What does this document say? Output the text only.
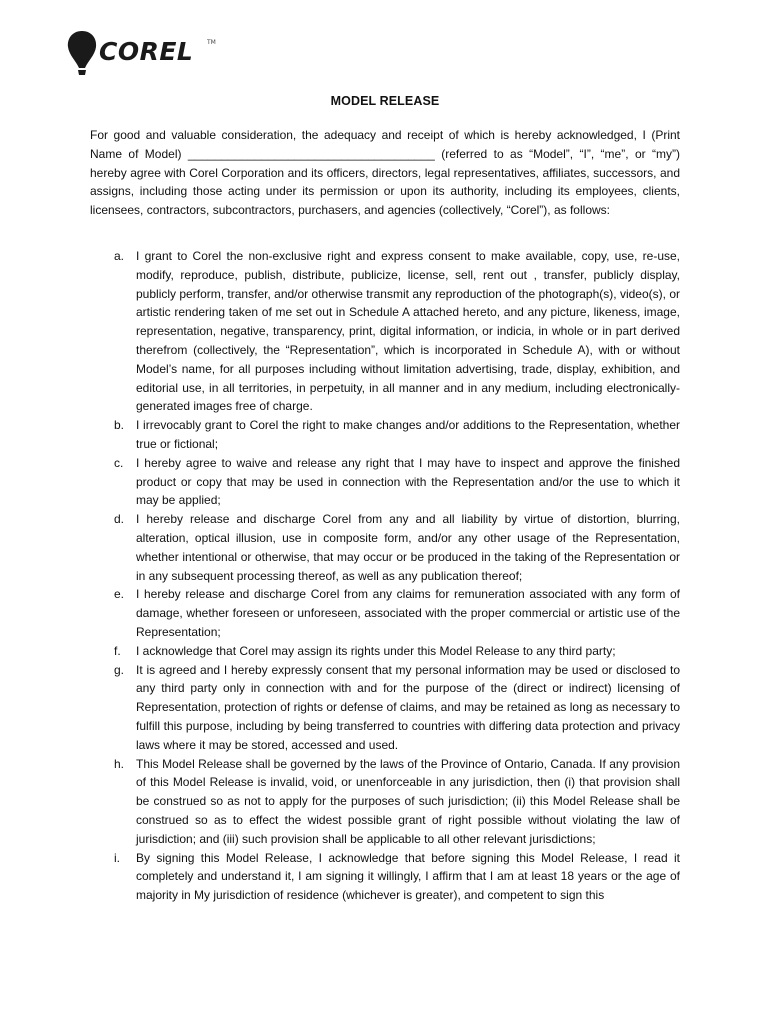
COREL TM
MODEL RELEASE
For good and valuable consideration, the adequacy and receipt of which is hereby acknowledged, I (Print Name of Model) _____________________________________ (referred to as “Model”, “I”, “me”, or “my”) hereby agree with Corel Corporation and its officers, directors, legal representatives, affiliates, successors, and assigns, including those acting under its permission or upon its authority, including its employees, clients, licensees, contractors, subcontractors, purchasers, and agencies (collectively, “Corel”), as follows:
a. I grant to Corel the non-exclusive right and express consent to make available, copy, use, re-use, modify, reproduce, publish, distribute, publicize, license, sell, rent out , transfer, publicly display, publicly perform, transfer, and/or otherwise transmit any reproduction of the photograph(s), video(s), or artistic rendering taken of me set out in Schedule A attached hereto, and any picture, likeness, image, representation, negative, transparency, print, digital information, or indicia, in whole or in part derived therefrom (collectively, the “Representation”, which is incorporated in Schedule A), with or without Model’s name, for all purposes including without limitation advertising, trade, display, exhibition, and editorial use, in all territories, in perpetuity, in all manner and in any medium, including electronically-generated images free of charge.
b. I irrevocably grant to Corel the right to make changes and/or additions to the Representation, whether true or fictional;
c.	I hereby agree to waive and release any right that I may have to inspect and approve the finished product or copy that may be used in connection with the Representation and/or the use to which it may be applied;
d. I hereby release and discharge Corel from any and all liability by virtue of distortion, blurring, alteration, optical illusion, use in composite form, and/or any other usage of the Representation, whether intentional or otherwise, that may occur or be produced in the taking of the Representation or in any subsequent processing thereof, as well as any publication thereof;
e. I hereby release and discharge Corel from any claims for remuneration associated with any form of damage, whether foreseen or unforeseen, associated with the proper commercial or artistic use of the Representation;
f.	I acknowledge that Corel may assign its rights under this Model Release to any third party;
g. It is agreed and I hereby expressly consent that my personal information may be used or disclosed to any third party only in connection with and for the purpose of the (direct or indirect) licensing of Representation, protection of rights or defense of claims, and may be retained as long as necessary to fulfill this purpose, including by being transferred to countries with differing data protection and privacy laws where it may be stored, accessed and used.
h. This Model Release shall be governed by the laws of the Province of Ontario, Canada. If any provision of this Model Release is invalid, void, or unenforceable in any jurisdiction, then (i) that provision shall be construed so as not to apply for the purposes of such jurisdiction; (ii) this Model Release shall be construed so as to effect the widest possible grant of right possible without violating the law of jurisdiction; and (iii) such provision shall be applicable to all other relevant jurisdictions;
i.	By signing this Model Release, I acknowledge that before signing this Model Release, I read it completely and understand it, I am signing it willingly, I affirm that I am at least 18 years or the age of majority in My jurisdiction of residence (whichever is greater), and competent to sign this
